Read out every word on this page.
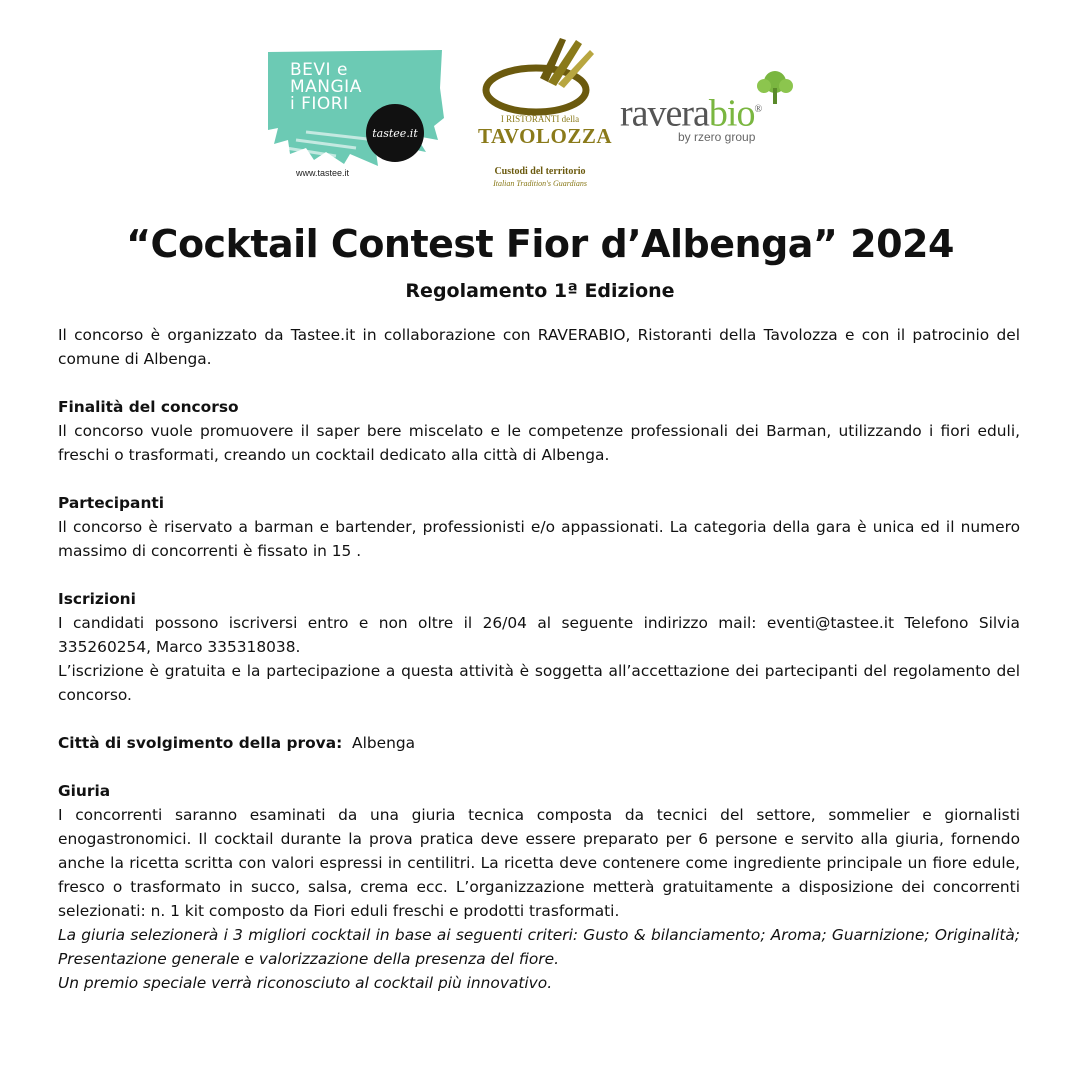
BEVI e
MANGIA
i FIORI
tastee.it
www.tastee.it
I RISTORANTI della
TAVOLOZZA
Custodi del territorio
Italian Tradition's Guardians
raverabio®
by rzero group
“Cocktail Contest Fior d’Albenga” 2024
Regolamento 1ª Edizione

Il concorso è organizzato da Tastee.it in collaborazione con RAVERABIO, Ristoranti della Tavolozza e con il patrocinio del comune di Albenga.

Finalità del concorso

Il concorso vuole promuovere il saper bere miscelato e le competenze professionali dei Barman, utilizzando i fiori eduli, freschi o trasformati, creando un cocktail dedicato alla città di Albenga.

Partecipanti

Il concorso è riservato a barman e bartender, professionisti e/o appassionati. La categoria della gara è unica ed il numero massimo di concorrenti è fissato in 15 .

Iscrizioni

I candidati possono iscriversi entro e non oltre il 26/04 al seguente indirizzo mail: eventi@tastee.it Telefono Silvia 335260254, Marco 335318038.

L’iscrizione è gratuita e la partecipazione a questa attività è soggetta all’accettazione dei partecipanti del regolamento del concorso.

Città di svolgimento della prova: Albenga

Giuria

I concorrenti saranno esaminati da una giuria tecnica composta da tecnici del settore, sommelier e giornalisti enogastronomici. Il cocktail durante la prova pratica deve essere preparato per 6 persone e servito alla giuria, fornendo anche la ricetta scritta con valori espressi in centilitri. La ricetta deve contenere come ingrediente principale un fiore edule, fresco o trasformato in succo, salsa, crema ecc. L’organizzazione metterà gratuitamente a disposizione dei concorrenti selezionati: n. 1 kit composto da Fiori eduli freschi e prodotti trasformati.

La giuria selezionerà i 3 migliori cocktail in base ai seguenti criteri: Gusto & bilanciamento; Aroma; Guarnizione; Originalità; Presentazione generale e valorizzazione della presenza del fiore.

Un premio speciale verrà riconosciuto al cocktail più innovativo.
